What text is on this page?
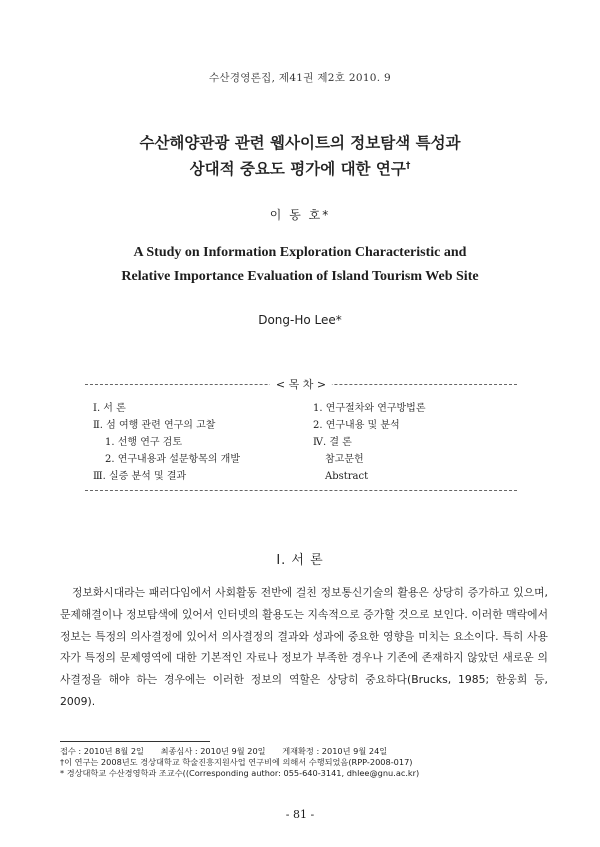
수산경영론집, 제41권 제2호 2010. 9
수산해양관광 관련 웹사이트의 정보탐색 특성과
상대적 중요도 평가에 대한 연구†
이 동 호*
A Study on Information Exploration Characteristic and
Relative Importance Evaluation of Island Tourism Web Site
Dong-Ho Lee*
< 목 차 >
Ⅰ. 서 론
Ⅱ. 섬 여행 관련 연구의 고찰
1. 선행 연구 검토
2. 연구내용과 설문항목의 개발
Ⅲ. 실증 분석 및 결과
1. 연구절차와 연구방법론
2. 연구내용 및 분석
Ⅳ. 결 론
참고문헌
Abstract
Ⅰ. 서 론
정보화시대라는 패러다임에서 사회활동 전반에 걸친 정보통신기술의 활용은 상당히 증가하고 있으며, 문제해결이나 정보탐색에 있어서 인터넷의 활용도는 지속적으로 증가할 것으로 보인다. 이러한 맥락에서 정보는 특정의 의사결정에 있어서 의사결정의 결과와 성과에 중요한 영향을 미치는 요소이다. 특히 사용자가 특정의 문제영역에 대한 기본적인 자료나 정보가 부족한 경우나 기존에 존재하지 않았던 새로운 의사결정을 해야 하는 경우에는 이러한 정보의 역할은 상당히 중요하다(Brucks, 1985; 한웅희 등, 2009).
접수 : 2010년 8월 2일 최종심사 : 2010년 9월 20일 게재확정 : 2010년 9월 24일
†이 연구는 2008년도 경상대학교 학술진흥지원사업 연구비에 의해서 수행되었음(RPP-2008-017)
* 경상대학교 수산경영학과 조교수((Corresponding author: 055-640-3141, dhlee@gnu.ac.kr)
- 81 -
